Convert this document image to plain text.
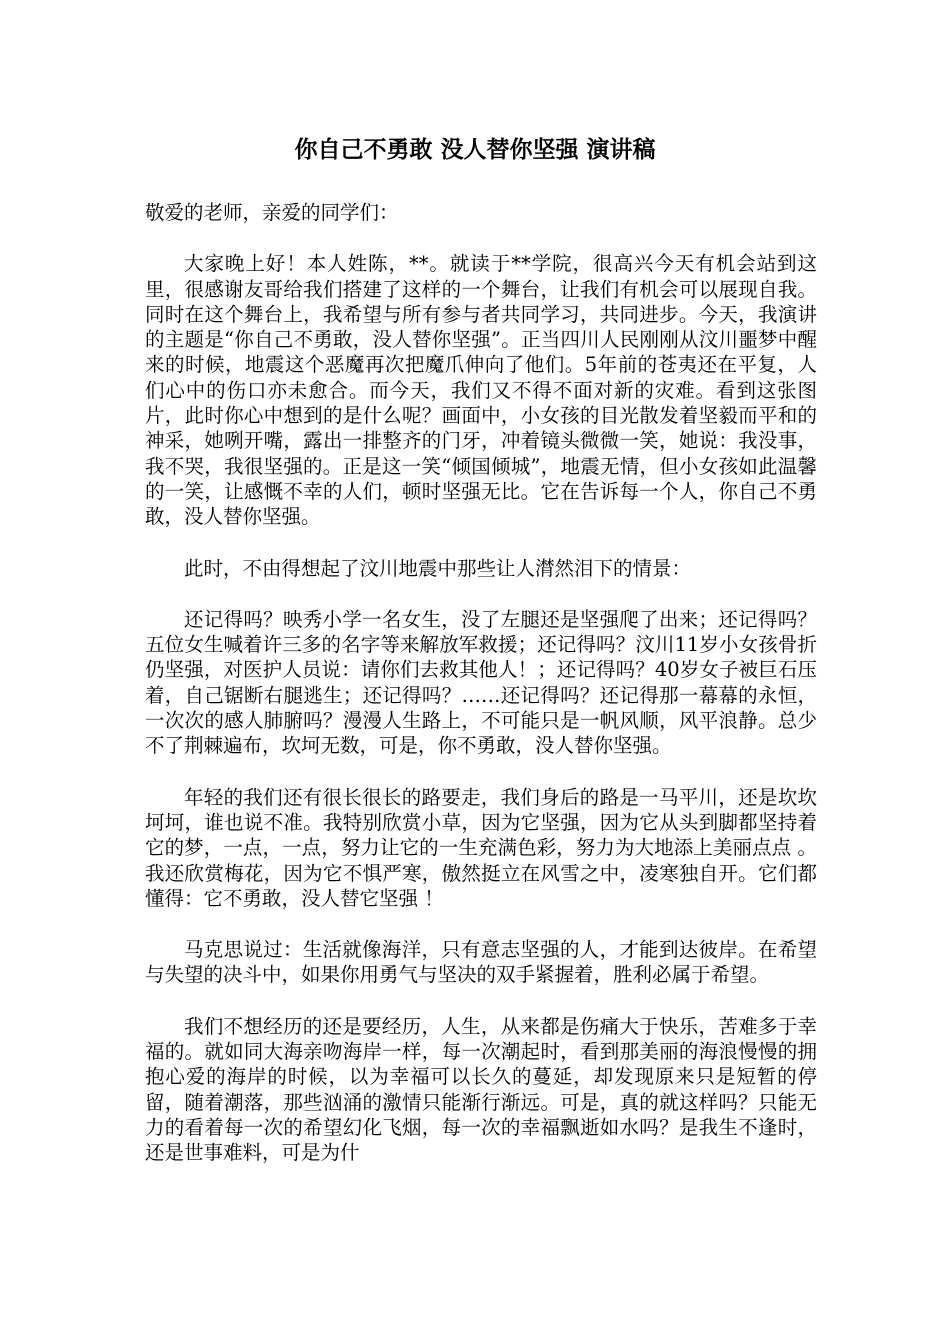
你自己不勇敢 没人替你坚强 演讲稿

敬爱的老师，亲爱的同学们：

大家晚上好！本人姓陈，**。就读于**学院，很高兴今天有机会站到这里，很感谢友哥给我们搭建了这样的一个舞台，让我们有机会可以展现自我。同时在这个舞台上，我希望与所有参与者共同学习，共同进步。今天，我演讲的主题是“你自己不勇敢，没人替你坚强”。正当四川人民刚刚从汶川噩梦中醒来的时候，地震这个恶魔再次把魔爪伸向了他们。5年前的苍夷还在平复，人们心中的伤口亦未愈合。而今天，我们又不得不面对新的灾难。看到这张图片，此时你心中想到的是什么呢？画面中，小女孩的目光散发着坚毅而平和的神采，她咧开嘴，露出一排整齐的门牙，冲着镜头微微一笑，她说：我没事，我不哭，我很坚强的。正是这一笑“倾国倾城”，地震无情，但小女孩如此温馨的一笑，让感慨不幸的人们，顿时坚强无比。它在告诉每一个人，你自己不勇敢，没人替你坚强。

此时，不由得想起了汶川地震中那些让人潸然泪下的情景：

还记得吗？映秀小学一名女生，没了左腿还是坚强爬了出来；还记得吗？五位女生喊着许三多的名字等来解放军救援；还记得吗？汶川11岁小女孩骨折仍坚强，对医护人员说：请你们去救其他人！；还记得吗？40岁女子被巨石压着，自己锯断右腿逃生；还记得吗？……还记得吗？还记得那一幕幕的永恒，一次次的感人肺腑吗？漫漫人生路上，不可能只是一帆风顺，风平浪静。总少不了荆棘遍布，坎坷无数，可是，你不勇敢，没人替你坚强。

年轻的我们还有很长很长的路要走，我们身后的路是一马平川，还是坎坎坷坷，谁也说不准。我特别欣赏小草，因为它坚强，因为它从头到脚都坚持着它的梦，一点，一点，努力让它的一生充满色彩，努力为大地添上美丽点点 。我还欣赏梅花，因为它不惧严寒，傲然挺立在风雪之中，凌寒独自开。它们都懂得：它不勇敢，没人替它坚强 ！

马克思说过：生活就像海洋，只有意志坚强的人，才能到达彼岸。在希望与失望的决斗中，如果你用勇气与坚决的双手紧握着，胜利必属于希望。

我们不想经历的还是要经历，人生，从来都是伤痛大于快乐，苦难多于幸福的。就如同大海亲吻海岸一样，每一次潮起时，看到那美丽的海浪慢慢的拥抱心爱的海岸的时候，以为幸福可以长久的蔓延，却发现原来只是短暂的停留，随着潮落，那些汹涌的激情只能渐行渐远。可是，真的就这样吗？只能无力的看着每一次的希望幻化飞烟，每一次的幸福飘逝如水吗？是我生不逢时，还是世事难料，可是为什
